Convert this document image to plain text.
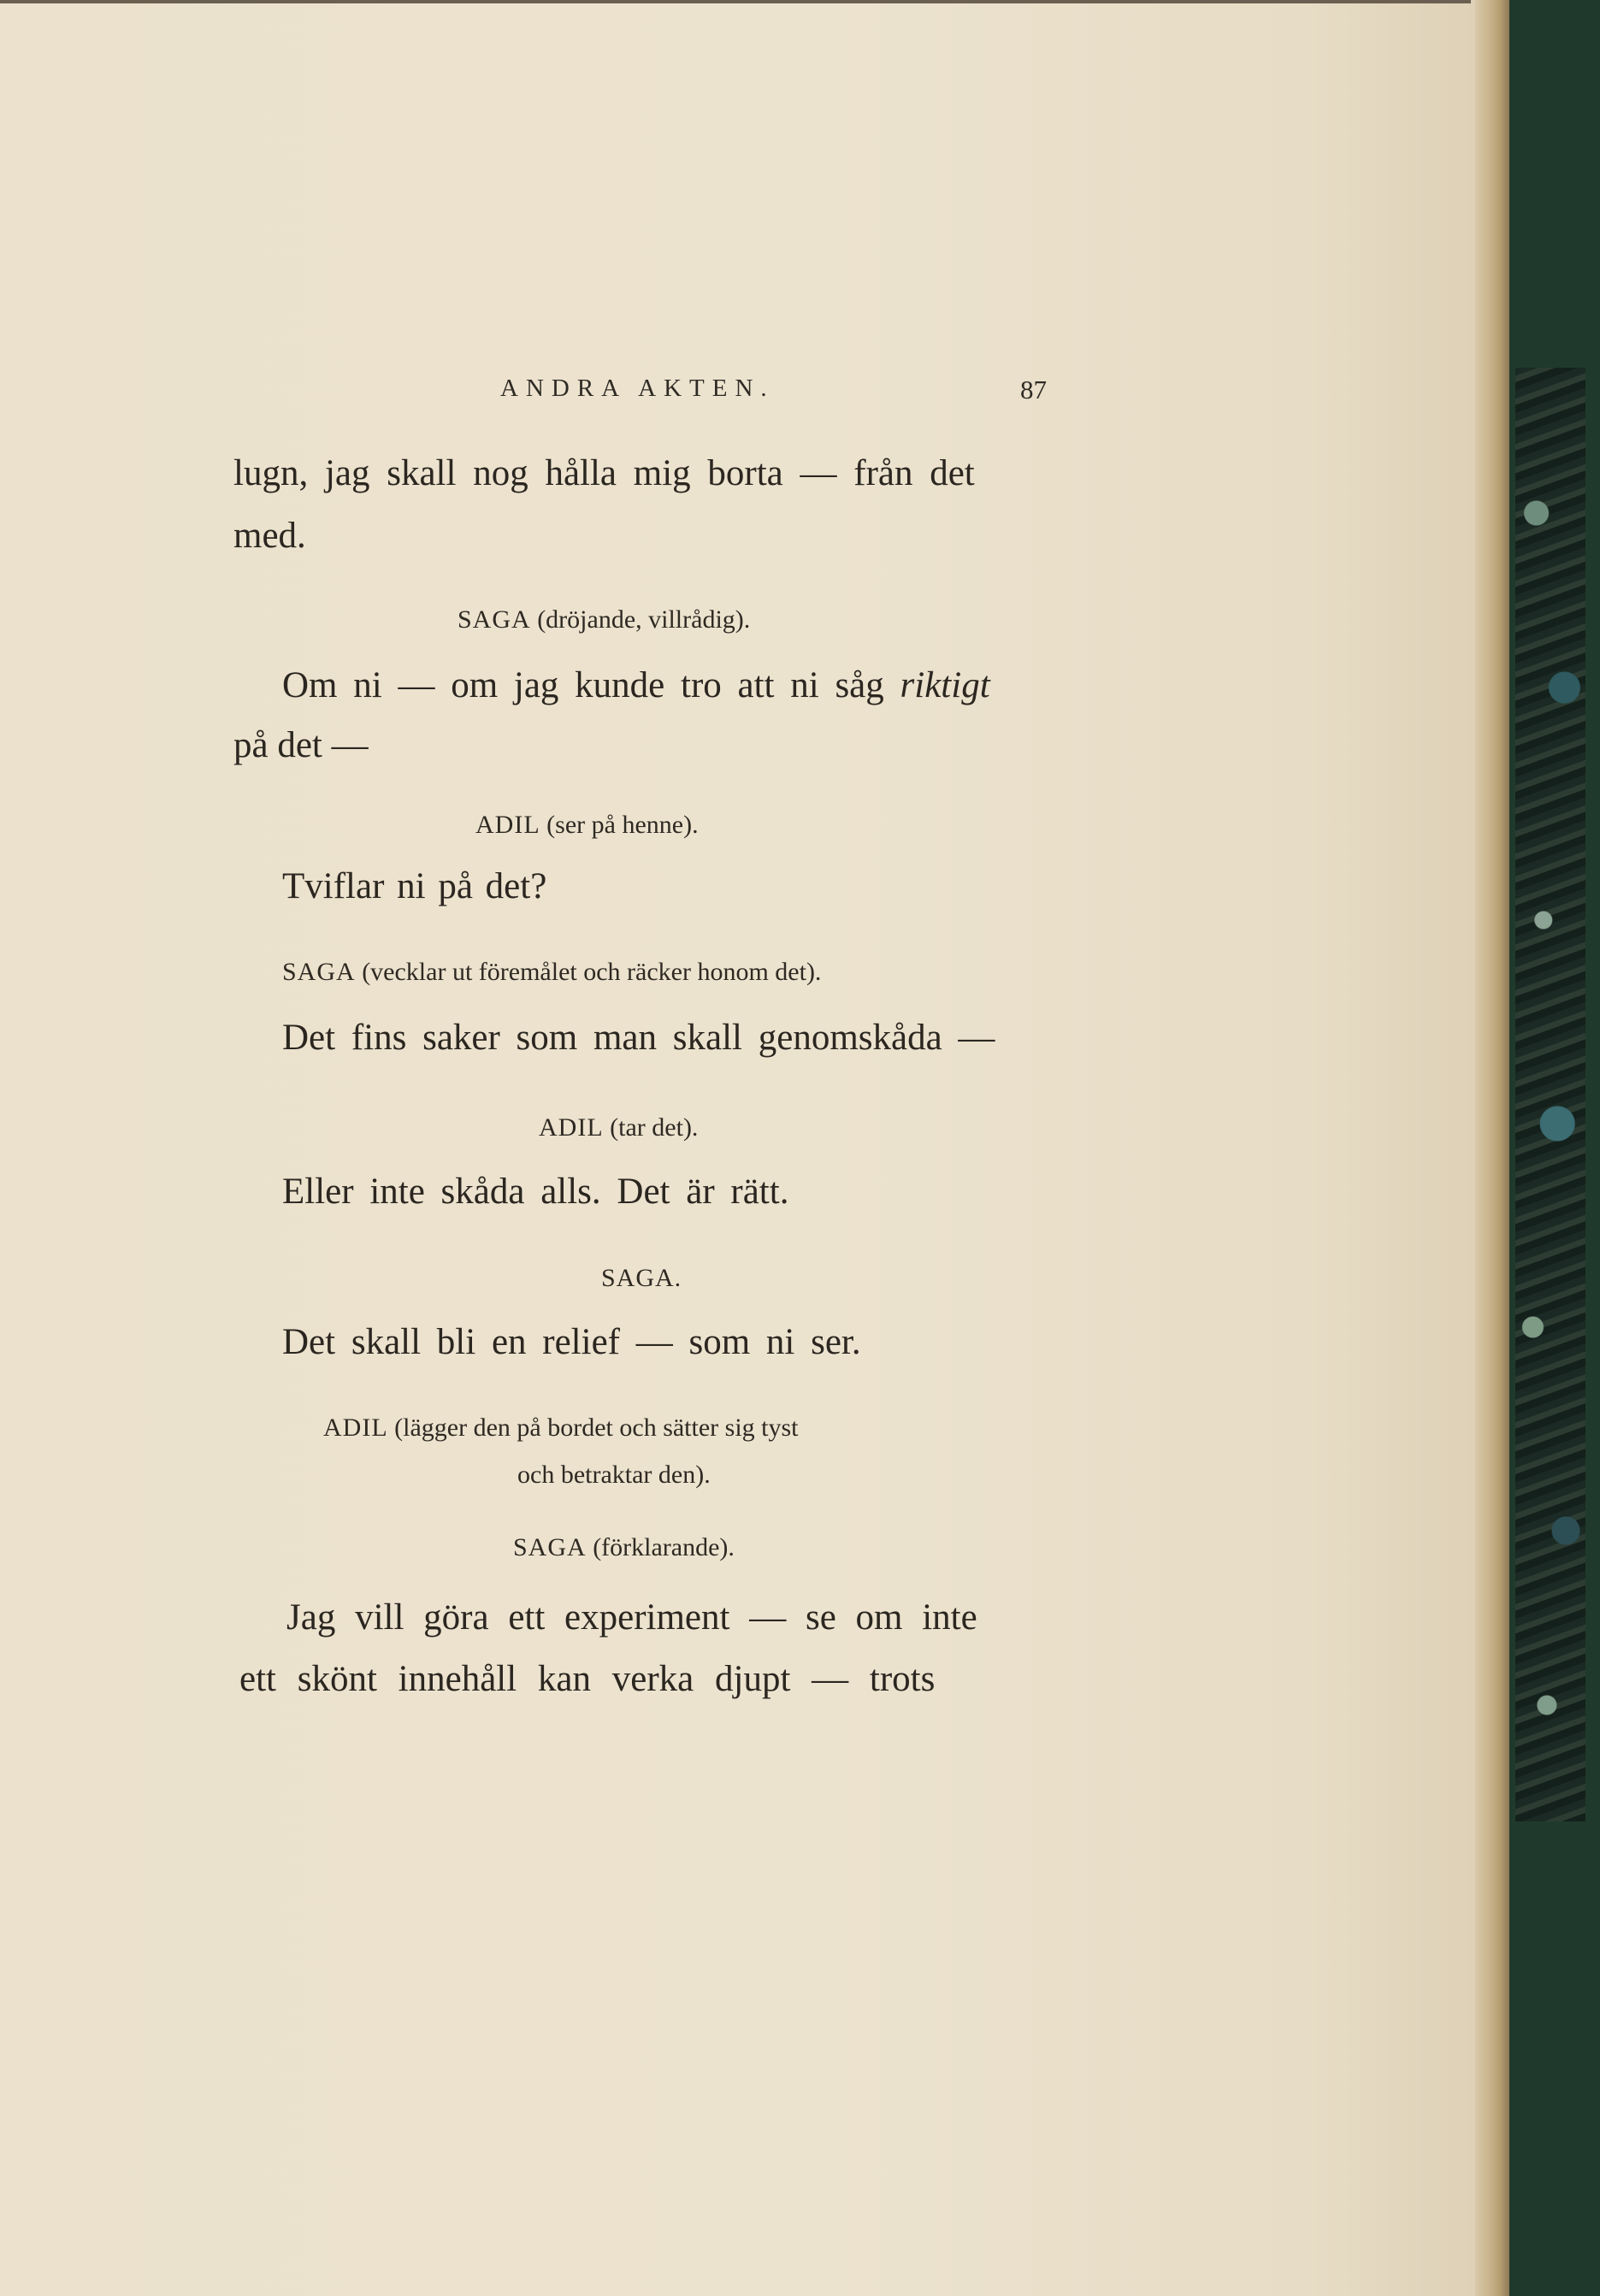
ANDRA AKTEN.	87
lugn, jag skall nog hålla mig borta — från det
med.
SAGA (dröjande, villrådig).
Om ni — om jag kunde tro att ni såg riktigt
på det —
ADIL (ser på henne).
Tviflar ni på det?
SAGA (vecklar ut föremålet och räcker honom det).
Det fins saker som man skall genomskåda —
ADIL (tar det).
Eller inte skåda alls. Det är rätt.
SAGA.
Det skall bli en relief — som ni ser.
ADIL (lägger den på bordet och sätter sig tyst
och betraktar den).
SAGA (förklarande).
Jag vill göra ett experiment — se om inte
ett skönt innehåll kan verka djupt — trots
